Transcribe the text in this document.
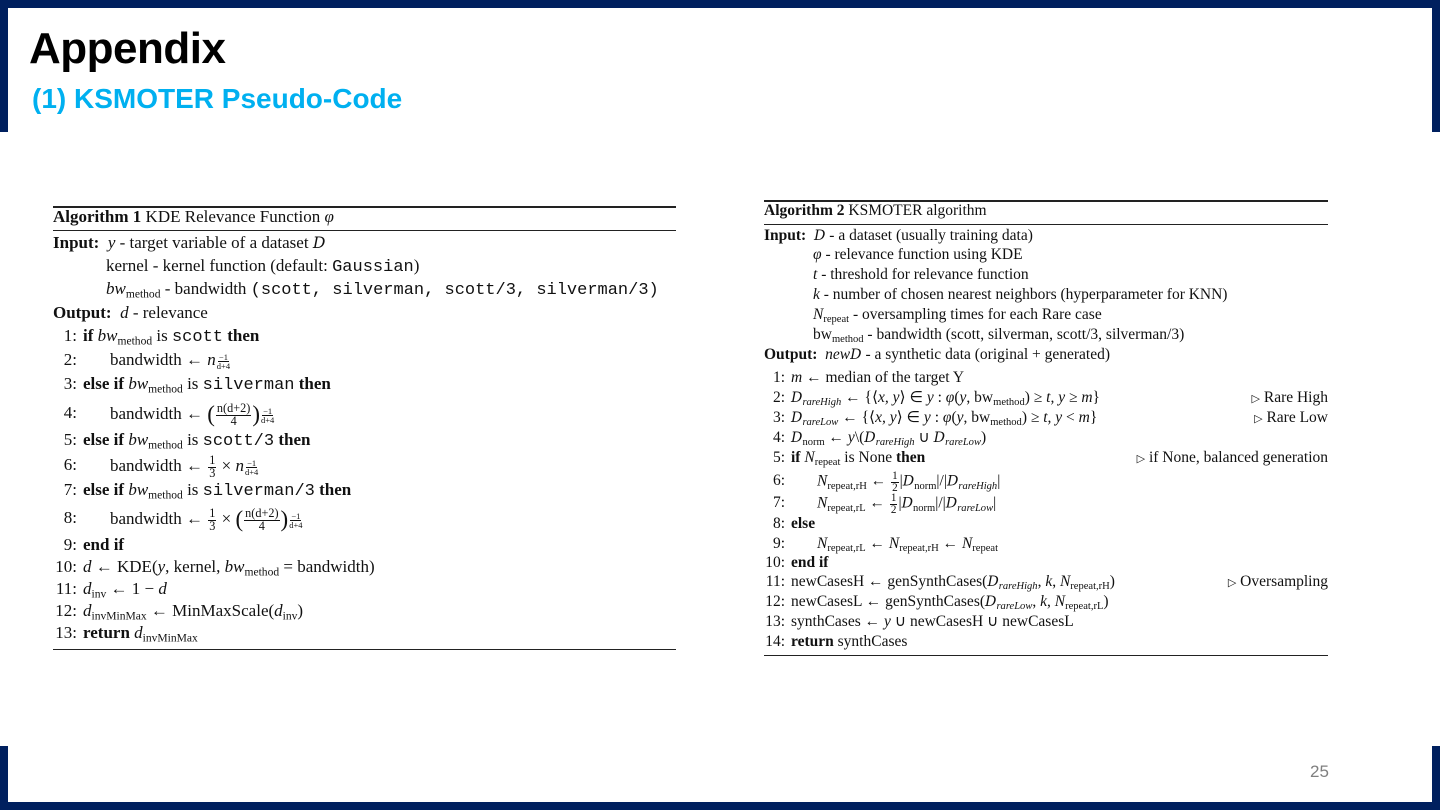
Appendix
(1) KSMOTER Pseudo-Code
25
Algorithm 1 KDE Relevance Function φ
Input: y - target variable of a dataset D
kernel - kernel function (default: Gaussian)
$bw_{method}$ - bandwidth (scott, silverman, scott/3, silverman/3)
Output: d - relevance
1: if $bw_{method}$ is scott then
2: bandwidth ← n $\frac{-1}{d+4}$
3: else if $bw_{method}$ is silverman then
4: bandwidth ← ( $\frac{n(d+2)}{4}$ ) $\frac{-1}{d+4}$
5: else if $bw_{method}$ is scott/3 then
6: bandwidth ← $\frac{1}{3} \times n \frac{-1}{d+4}$
7: else if $bw_{method}$ is silverman/3 then
8: bandwidth ← $\frac{1}{3}$ × ( $\frac{n(d+2)}{4}$ ) $\frac{-1}{d+4}$
9: end if
10: d ← KDE(y, kernel, $bw_{method}$ = bandwidth)
11: $d_{inv}$ ← 1 − d
12: $d_{invMinMax}$ ← $MinMaxScale(d_{inv})$
13: return $d_{invMinMax}$
Algorithm 2 KSMOTER algorithm
Input: D - a dataset (usually training data)
φ - relevance function using KDE
t - threshold for relevance function
k - number of chosen nearest neighbors (hyperparameter for KNN)
$N_{repeat}$ - oversampling times for each Rare case
$bw_{method}$ - bandwidth (scott, silverman, scott/3, silverman/3)
Output: newD - a synthetic data (original + generated)
1: m ← median of the target Y
2: $D_{rareHigh}$ ← {⟨x, y⟩ ∈ y : φ(y, $bw_{method}) \ge t$, y ≥ m}	▷ Rare High
3: $D_{rareLow}$ ← {⟨x, y⟩ ∈ y : φ(y, $bw_{method}) \ge t$, y < m}	▷ Rare Low
4: $D_{norm}$ ← $y\backslash(D_{rareHigh}$ ∪ $D_{rareLow}$)
5: if $N_{repeat}$ is None then	▷ if None, balanced generation
6: $N_{repeat,rH}$ ← $\frac{1}{2} |D_{norm}|/|D_{rareHigh}|$
7: $N_{repeat,rL}$ ← $\frac{1}{2} |D_{norm}|/|D_{rareLow}|$
8: else
9: $N_{repeat,rL}$ ← $N_{repeat,rH}$ ← $N_{repeat}$
10: end if
11: newCasesH ← $genSynthCases(D_{rareHigh}$, k, $N_{repeat,rH}$)	▷ Oversampling
12: newCasesL ← $genSynthCases(D_{rareLow}$, k, $N_{repeat,rL}$)
13: synthCases ← y ∪ newCasesH ∪ newCasesL
14: return synthCases
